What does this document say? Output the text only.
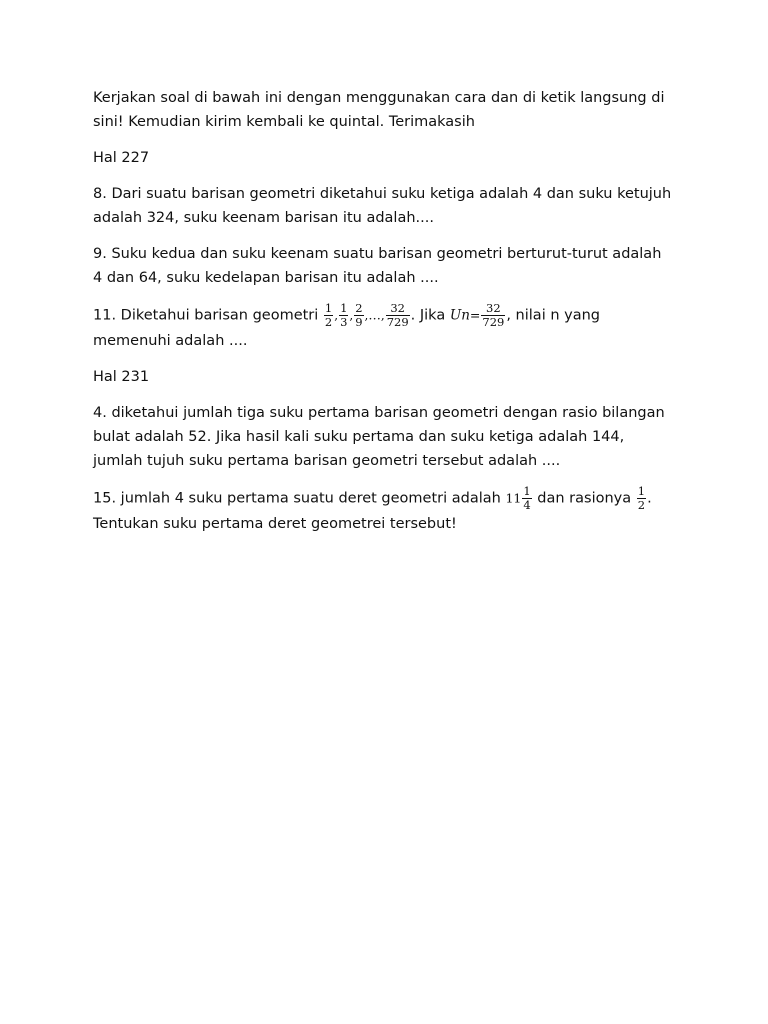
Kerjakan soal di bawah ini dengan menggunakan cara dan di ketik langsung di
sini! Kemudian kirim kembali ke quintal. Terimakasih

Hal 227

8. Dari suatu barisan geometri diketahui suku ketiga adalah 4 dan suku ketujuh
adalah 324, suku keenam barisan itu adalah....

9. Suku kedua dan suku keenam suatu barisan geometri berturut-turut adalah
4 dan 64, suku kedelapan barisan itu adalah ....

11. Diketahui barisan geometri $\frac{1}{2}$ , $\frac{1}{3}$ , $\frac{2}{9}$ ,…, $\frac{32}{729}$ . Jika $Un= \frac{32}{729}$ , nilai n yang
memenuhi adalah ....

Hal 231

4. diketahui jumlah tiga suku pertama barisan geometri dengan rasio bilangan
bulat adalah 52. Jika hasil kali suku pertama dan suku ketiga adalah 144,
jumlah tujuh suku pertama barisan geometri tersebut adalah ....

15. jumlah 4 suku pertama suatu deret geometri adalah $11 \frac{1}{4}$ dan rasionya $\frac{1}{2}$ .
Tentukan suku pertama deret geometrei tersebut!
